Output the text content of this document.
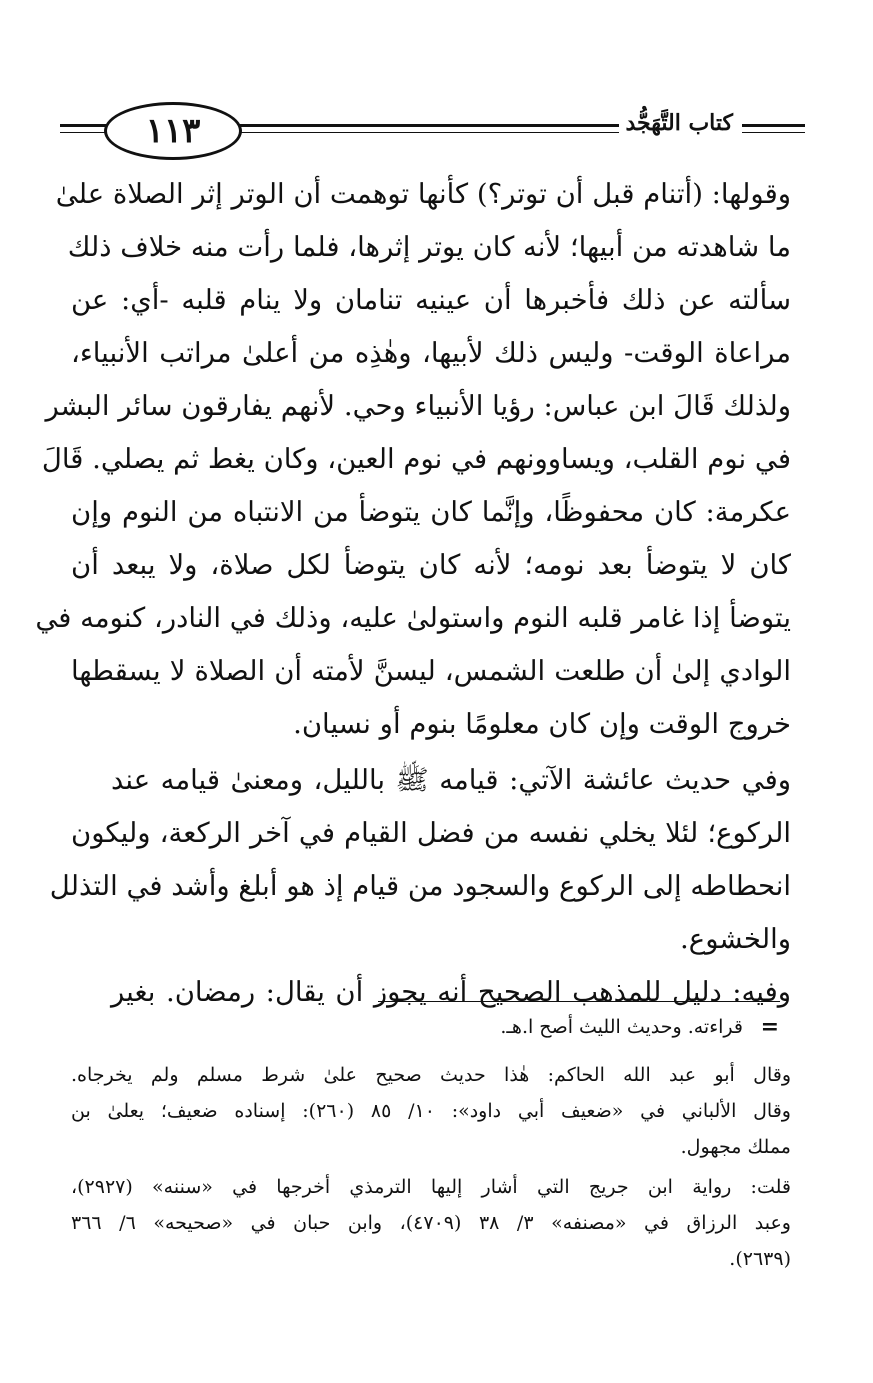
١١٣	كتاب التَّهَجُّد
وقولها: (أتنام قبل أن توتر؟) كأنها توهمت أن الوتر إثر الصلاة علىٰ
ما شاهدته من أبيها؛ لأنه كان يوتر إثرها، فلما رأت منه خلاف ذلك
سألته عن ذلك فأخبرها أن عينيه تنامان ولا ينام قلبه -أي: عن
مراعاة الوقت- وليس ذلك لأبيها، وهٰذِه من أعلىٰ مراتب الأنبياء،
ولذلك قَالَ ابن عباس: رؤيا الأنبياء وحي. لأنهم يفارقون سائر البشر
في نوم القلب، ويساوونهم في نوم العين، وكان يغط ثم يصلي. قَالَ
عكرمة: كان محفوظًا، وإنَّما كان يتوضأ من الانتباه من النوم وإن
كان لا يتوضأ بعد نومه؛ لأنه كان يتوضأ لكل صلاة، ولا يبعد أن
يتوضأ إذا غامر قلبه النوم واستولىٰ عليه، وذلك في النادر، كنومه في
الوادي إلىٰ أن طلعت الشمس، ليسنَّ لأمته أن الصلاة لا يسقطها
خروج الوقت وإن كان معلومًا بنوم أو نسيان.
وفي حديث عائشة الآتي: قيامه ﷺ بالليل، ومعنىٰ قيامه عند
الركوع؛ لئلا يخلي نفسه من فضل القيام في آخر الركعة، وليكون
انحطاطه إلى الركوع والسجود من قيام إذ هو أبلغ وأشد في التذلل
والخشوع.
وفيه: دليل للمذهب الصحيح أنه يجوز أن يقال: رمضان. بغير
=
قراءته. وحديث الليث أصح ا.هـ.
وقال أبو عبد الله الحاكم: هٰذا حديث صحيح علىٰ شرط مسلم ولم يخرجاه.
وقال الألباني في «ضعيف أبي داود»: ١٠/ ٨٥ (٢٦٠): إسناده ضعيف؛ يعلىٰ بن
مملك مجهول.
قلت: رواية ابن جريج التي أشار إليها الترمذي أخرجها في «سننه» (٢٩٢٧)،
وعبد الرزاق في «مصنفه» ٣/ ٣٨ (٤٧٠٩)، وابن حبان في «صحيحه» ٦/ ٣٦٦
(٢٦٣٩).
